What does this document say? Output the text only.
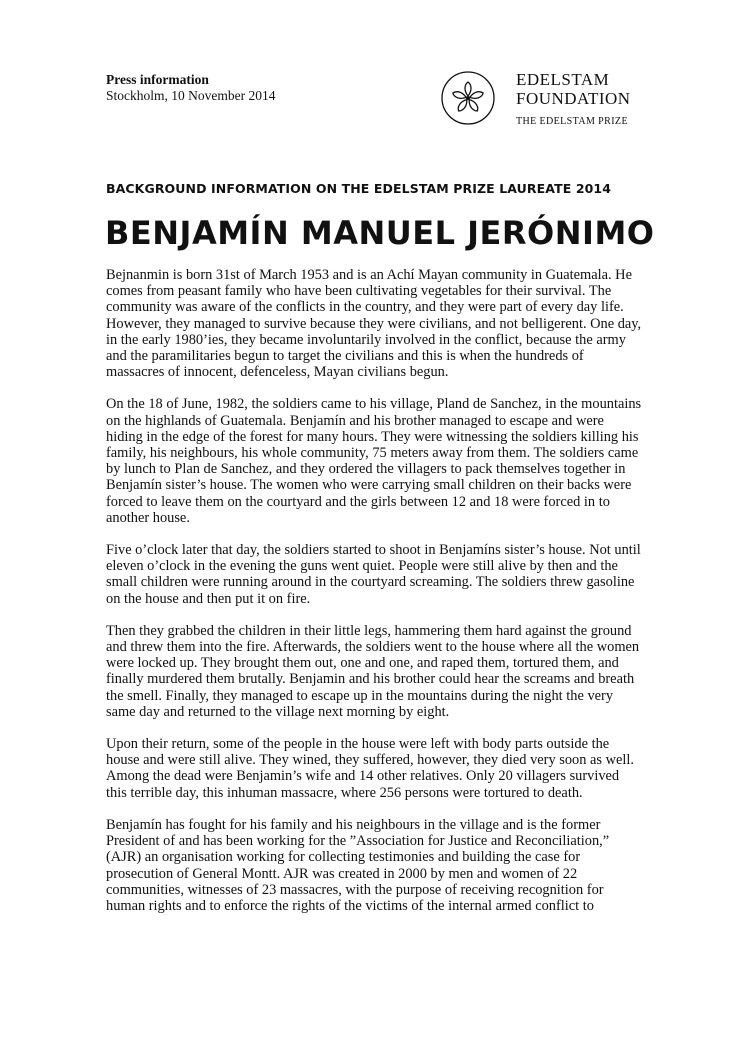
Press information
Stockholm, 10 November 2014
EDELSTAM
FOUNDATION
THE EDELSTAM PRIZE
BACKGROUND INFORMATION ON THE EDELSTAM PRIZE LAUREATE 2014
BENJAMÍN MANUEL JERÓNIMO

Bejnanmin is born 31st of March 1953 and is an Achí Mayan community in Guatemala. He comes from peasant family who have been cultivating vegetables for their survival. The community was aware of the conflicts in the country, and they were part of every day life. However, they managed to survive because they were civilians, and not belligerent. One day, in the early 1980’ies, they became involuntarily involved in the conflict, because the army and the paramilitaries begun to target the civilians and this is when the hundreds of massacres of innocent, defenceless, Mayan civilians begun.

On the 18 of June, 1982, the soldiers came to his village, Pland de Sanchez, in the mountains on the highlands of Guatemala. Benjamín and his brother managed to escape and were hiding in the edge of the forest for many hours. They were witnessing the soldiers killing his family, his neighbours, his whole community, 75 meters away from them. The soldiers came by lunch to Plan de Sanchez, and they ordered the villagers to pack themselves together in Benjamín sister’s house. The women who were carrying small children on their backs were forced to leave them on the courtyard and the girls between 12 and 18 were forced in to another house.

Five o’clock later that day, the soldiers started to shoot in Benjamíns sister’s house. Not until eleven o’clock in the evening the guns went quiet. People were still alive by then and the small children were running around in the courtyard screaming. The soldiers threw gasoline on the house and then put it on fire.

Then they grabbed the children in their little legs, hammering them hard against the ground and threw them into the fire. Afterwards, the soldiers went to the house where all the women were locked up. They brought them out, one and one, and raped them, tortured them, and finally murdered them brutally. Benjamin and his brother could hear the screams and breath the smell. Finally, they managed to escape up in the mountains during the night the very same day and returned to the village next morning by eight.

Upon their return, some of the people in the house were left with body parts outside the house and were still alive. They wined, they suffered, however, they died very soon as well. Among the dead were Benjamin’s wife and 14 other relatives. Only 20 villagers survived this terrible day, this inhuman massacre, where 256 persons were tortured to death.

Benjamín has fought for his family and his neighbours in the village and is the former President of and has been working for the ”Association for Justice and Reconciliation,” (AJR) an organisation working for collecting testimonies and building the case for prosecution of General Montt. AJR was created in 2000 by men and women of 22 communities, witnesses of 23 massacres, with the purpose of receiving recognition for human rights and to enforce the rights of the victims of the internal armed conflict to
